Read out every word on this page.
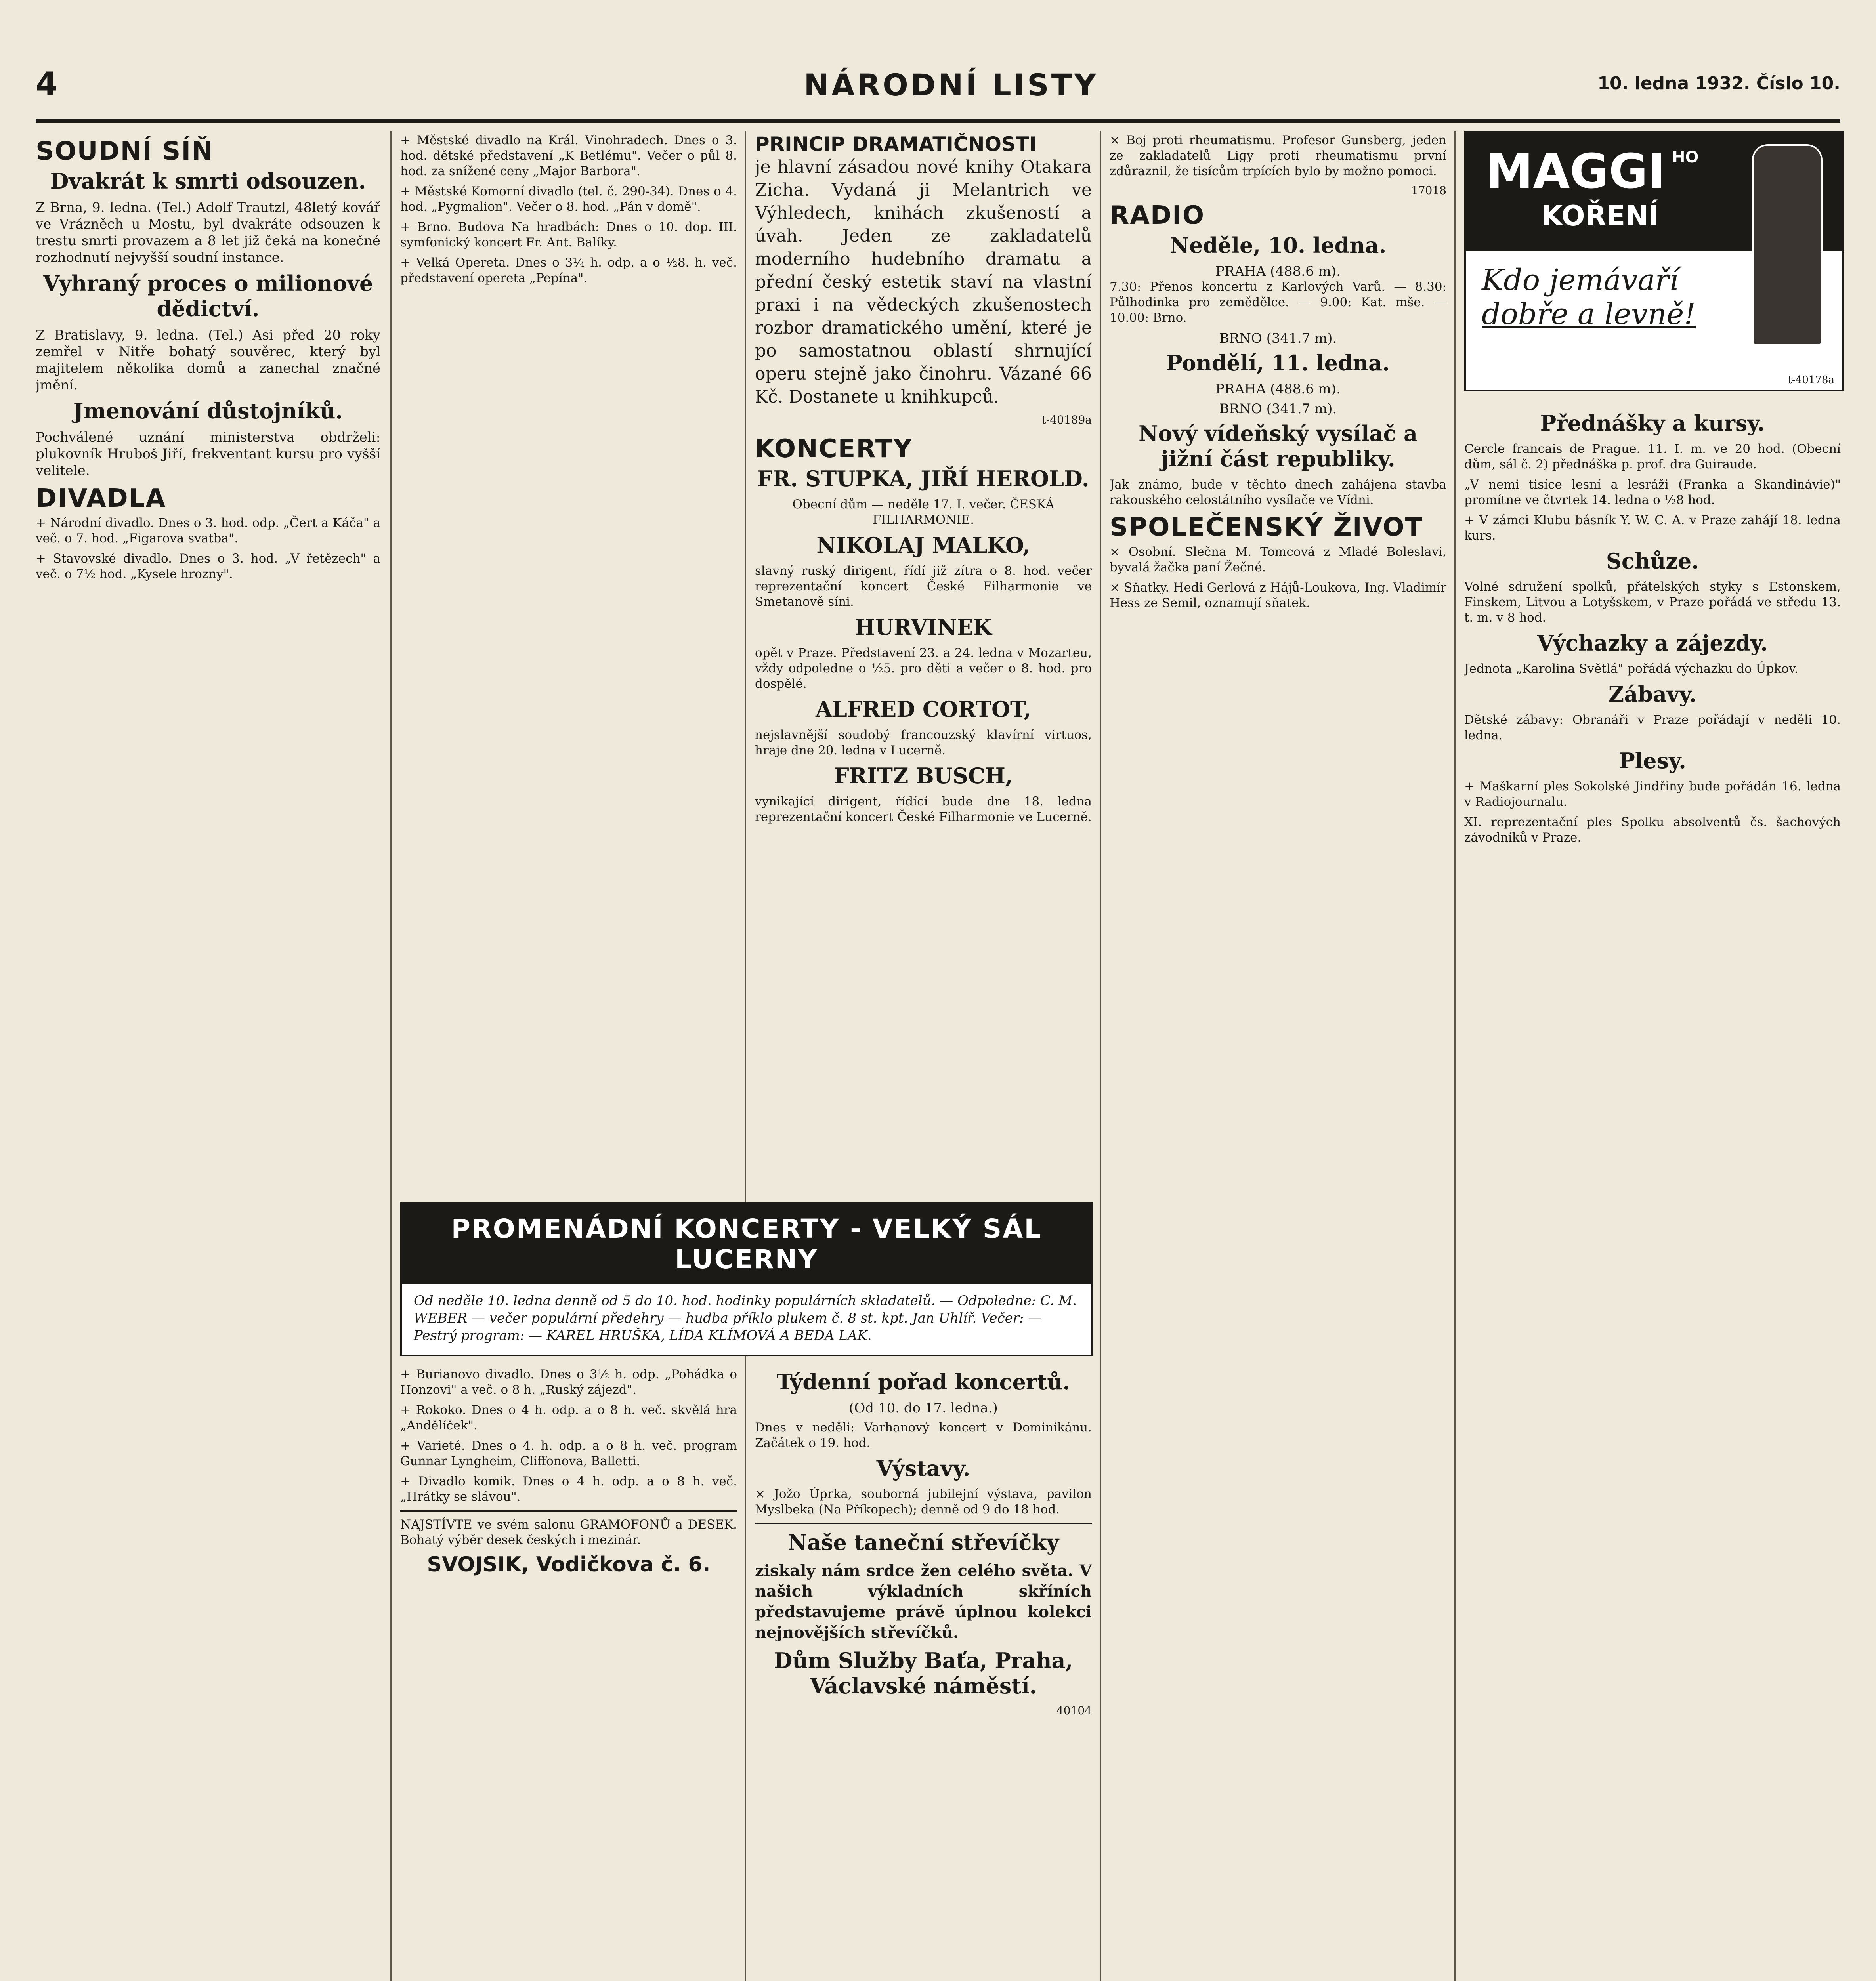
4	NÁRODNÍ LISTY	10. ledna 1932. Číslo 10.
SOUDNÍ SÍŇ
Dvakrát k smrti odsouzen.

Z Brna, 9. ledna. (Tel.) Adolf Trautzl, 48letý kovář ve Vrázněch u Mostu, byl dvakráte odsouzen k trestu smrti provazem a 8 let již čeká na konečné rozhodnutí nejvyšší soudní instance.

Vyhraný proces o milionové dědictví.

Z Bratislavy, 9. ledna. (Tel.) Asi před 20 roky zemřel v Nitře bohatý souvěrec, který byl majitelem několika domů a zanechal značné jmění.

Jmenování důstojníků.

Pochválené uznání ministerstva obdrželi: plukovník Hruboš Jiří, frekventant kursu pro vyšší velitele.

DIVADLA

+ Národní divadlo. Dnes o 3. hod. odp. „Čert a Káča" a več. o 7. hod. „Figarova svatba".

+ Stavovské divadlo. Dnes o 3. hod. „V řetězech" a več. o 7½ hod. „Kysele hrozny".

+ Městské divadlo na Král. Vinohradech. Dnes o 3. hod. dětské představení „K Betlému". Večer o půl 8. hod. za snížené ceny „Major Barbora".

+ Městské Komorní divadlo (tel. č. 290-34). Dnes o 4. hod. „Pygmalion". Večer o 8. hod. „Pán v domě".

+ Brno. Budova Na hradbách: Dnes o 10. dop. III. symfonický koncert Fr. Ant. Balíky.

+ Velká Opereta. Dnes o 3¼ h. odp. a o ½8. h. več. představení opereta „Pepína".

PROMENÁDNÍ KONCERTY - VELKÝ SÁL LUCERNY
Od neděle 10. ledna denně od 5 do 10. hod. hodinky populárních skladatelů. — Odpoledne: C. M. WEBER — večer populární předehry — hudba příklo plukem č. 8 st. kpt. Jan Uhlíř. Večer: — Pestrý program: — KAREL HRUŠKA, LÍDA KLÍMOVÁ A BEDA LAK.

+ Burianovo divadlo. Dnes o 3½ h. odp. „Pohádka o Honzovi" a več. o 8 h. „Ruský zájezd".

+ Rokoko. Dnes o 4 h. odp. a o 8 h. več. skvělá hra „Andělíček".

+ Varieté. Dnes o 4. h. odp. a o 8 h. več. program Gunnar Lyngheim, Cliffonova, Balletti.

+ Divadlo komik. Dnes o 4 h. odp. a o 8 h. več. „Hrátky se slávou".

NAJSTÍVTE ve svém salonu GRAMOFONŮ a DESEK. Bohatý výběr desek českých i mezinár.

SVOJSIK, Vodičkova č. 6.
PRINCIP DRAMATIČNOSTI

je hlavní zásadou nové knihy Otakara Zicha. Vydaná ji Melantrich ve Výhledech, knihách zkušeností a úvah. Jeden ze zakladatelů moderního hudebního dramatu a přední český estetik staví na vlastní praxi i na vědeckých zkušenostech rozbor dramatického umění, které je po samostatnou oblastí shrnující operu stejně jako činohru. Vázané 66 Kč. Dostanete u knihkupců.

t-40189a
KONCERTY
FR. STUPKA, JIŘÍ HEROLD.

Obecní dům — neděle 17. I. večer. ČESKÁ FILHARMONIE.

NIKOLAJ MALKO,

slavný ruský dirigent, řídí již zítra o 8. hod. večer reprezentační koncert České Filharmonie ve Smetanově síni.

HURVINEK

opět v Praze. Představení 23. a 24. ledna v Mozarteu, vždy odpoledne o ½5. pro děti a večer o 8. hod. pro dospělé.

ALFRED CORTOT,

nejslavnější soudobý francouzský klavírní virtuos, hraje dne 20. ledna v Lucerně.

FRITZ BUSCH,

vynikající dirigent, řídící bude dne 18. ledna reprezentační koncert České Filharmonie ve Lucerně.

Týdenní pořad koncertů.
(Od 10. do 17. ledna.)

Dnes v neděli: Varhanový koncert v Dominikánu. Začátek o 19. hod.

Výstavy.

× Jožo Úprka, souborná jubilejní výstava, pavilon Myslbeka (Na Příkopech); denně od 9 do 18 hod.

Naše taneční střevíčky

ziskaly nám srdce žen celého světa. V našich výkladních skříních představujeme právě úplnou kolekci nejnovějších střevíčků.

Dům Služby Baťa, Praha, Václavské náměstí.
40104

× Boj proti rheumatismu. Profesor Gunsberg, jeden ze zakladatelů Ligy proti rheumatismu první zdůraznil, že tisícům trpících bylo by možno pomoci.

17018
RADIO
Neděle, 10. ledna.
PRAHA (488.6 m).

7.30: Přenos koncertu z Karlových Varů. — 8.30: Půlhodinka pro zemědělce. — 9.00: Kat. mše. — 10.00: Brno.

BRNO (341.7 m).
Pondělí, 11. ledna.
PRAHA (488.6 m).
BRNO (341.7 m).
Nový vídeňský vysílač a jižní část republiky.

Jak známo, bude v těchto dnech zahájena stavba rakouského celostátního vysílače ve Vídni.

SPOLEČENSKÝ ŽIVOT

× Osobní. Slečna M. Tomcová z Mladé Boleslavi, byvalá žačka paní Žečné.

× Sňatky. Hedi Gerlová z Hájů-Loukova, Ing. Vladimír Hess ze Semil, oznamují sňatek.

MAGGI HO
KOŘENÍ
Kdo jemávaří
dobře a levně!
t-40178a
Přednášky a kursy.

Cercle francais de Prague. 11. I. m. ve 20 hod. (Obecní dům, sál č. 2) přednáška p. prof. dra Guiraude.

„V nemi tisíce lesní a lesráži (Franka a Skandinávie)" promítne ve čtvrtek 14. ledna o ½8 hod.

+ V zámci Klubu básník Y. W. C. A. v Praze zahájí 18. ledna kurs.

Schůze.

Volné sdružení spolků, přátelských styky s Estonskem, Finskem, Litvou a Lotyšskem, v Praze pořádá ve středu 13. t. m. v 8 hod.

Výchazky a zájezdy.

Jednota „Karolina Světlá" pořádá výchazku do Úpkov.

Zábavy.

Dětské zábavy: Obranáři v Praze pořádají v neděli 10. ledna.

Plesy.

+ Maškarní ples Sokolské Jindřiny bude pořádán 16. ledna v Radiojournalu.

XI. reprezentační ples Spolku absolventů čs. šachových závodníků v Praze.
